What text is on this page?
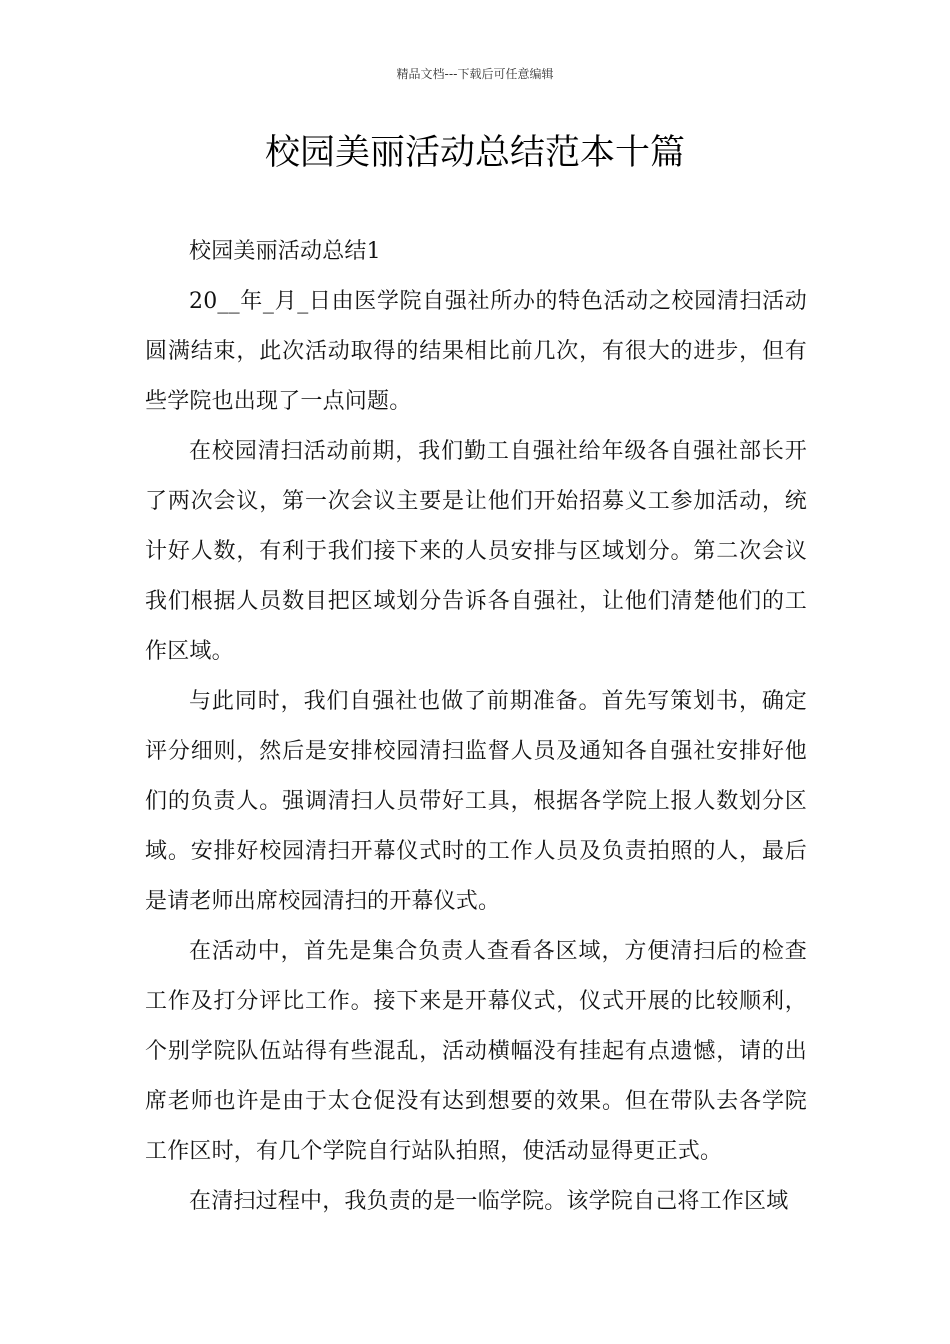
精品文档---下载后可任意编辑
校园美丽活动总结范本十篇

校园美丽活动总结1

20__年_月_日由医学院自强社所办的特色活动之校园清扫活动圆满结束，此次活动取得的结果相比前几次，有很大的进步，但有些学院也出现了一点问题。

在校园清扫活动前期，我们勤工自强社给年级各自强社部长开了两次会议，第一次会议主要是让他们开始招募义工参加活动，统计好人数，有利于我们接下来的人员安排与区域划分。第二次会议我们根据人员数目把区域划分告诉各自强社，让他们清楚他们的工作区域。

与此同时，我们自强社也做了前期准备。首先写策划书，确定评分细则，然后是安排校园清扫监督人员及通知各自强社安排好他们的负责人。强调清扫人员带好工具，根据各学院上报人数划分区域。安排好校园清扫开幕仪式时的工作人员及负责拍照的人，最后是请老师出席校园清扫的开幕仪式。

在活动中，首先是集合负责人查看各区域，方便清扫后的检查工作及打分评比工作。接下来是开幕仪式，仪式开展的比较顺利，个别学院队伍站得有些混乱，活动横幅没有挂起有点遗憾，请的出席老师也许是由于太仓促没有达到想要的效果。但在带队去各学院工作区时，有几个学院自行站队拍照，使活动显得更正式。

在清扫过程中，我负责的是一临学院。该学院自己将工作区域
